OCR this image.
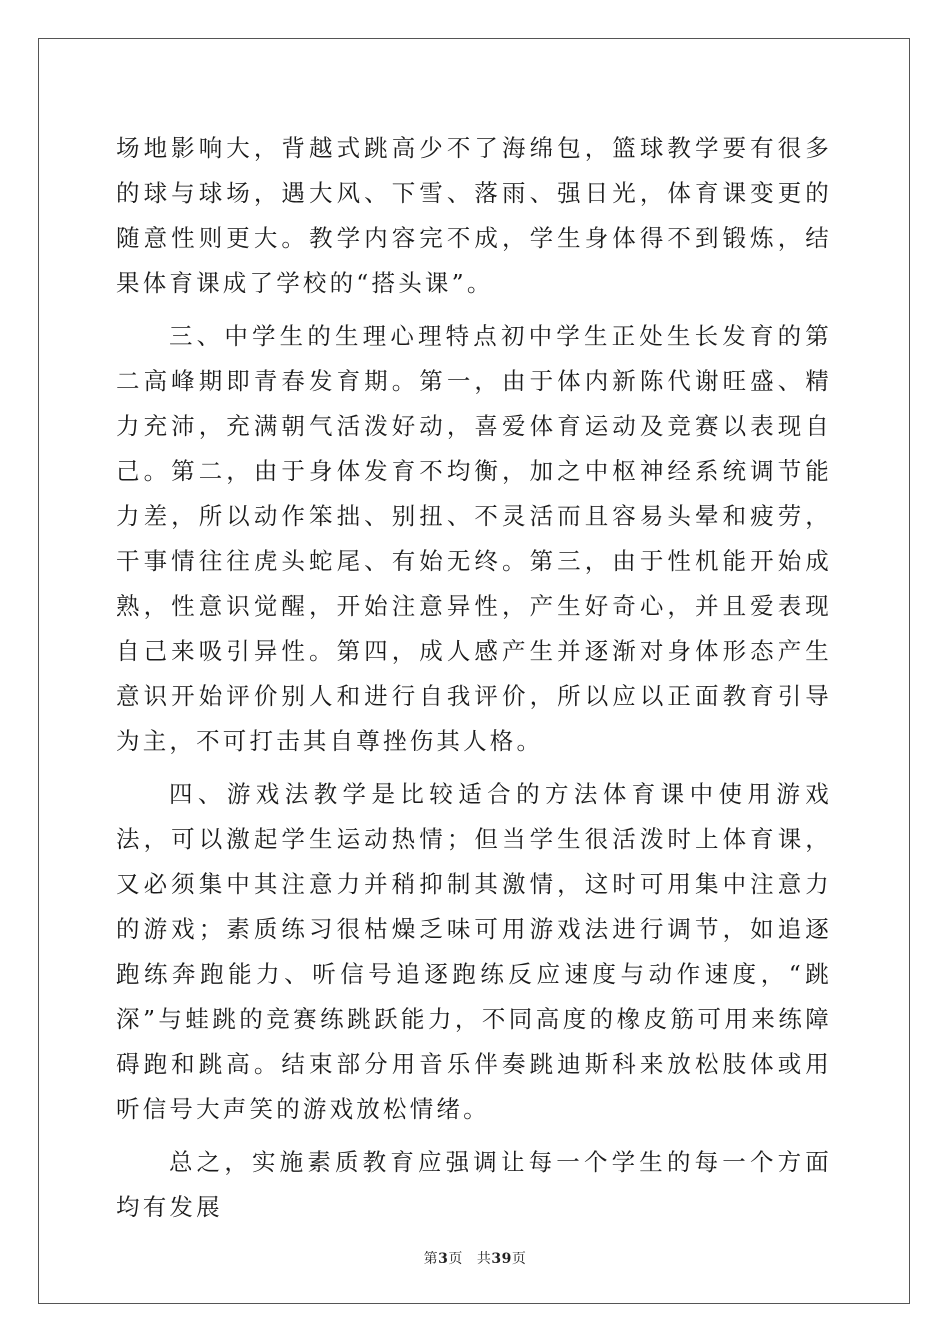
场地影响大，背越式跳高少不了海绵包，篮球教学要有很多的球与球场，遇大风、下雪、落雨、强日光，体育课变更的随意性则更大。教学内容完不成，学生身体得不到锻炼，结果体育课成了学校的“搭头课”。

三、中学生的生理心理特点初中学生正处生长发育的第二高峰期即青春发育期。第一，由于体内新陈代谢旺盛、精力充沛，充满朝气活泼好动，喜爱体育运动及竞赛以表现自己。第二，由于身体发育不均衡，加之中枢神经系统调节能力差，所以动作笨拙、别扭、不灵活而且容易头晕和疲劳，干事情往往虎头蛇尾、有始无终。第三，由于性机能开始成熟，性意识觉醒，开始注意异性，产生好奇心，并且爱表现自己来吸引异性。第四，成人感产生并逐渐对身体形态产生意识开始评价别人和进行自我评价，所以应以正面教育引导为主，不可打击其自尊挫伤其人格。

四、游戏法教学是比较适合的方法体育课中使用游戏法，可以激起学生运动热情；但当学生很活泼时上体育课，又必须集中其注意力并稍抑制其激情，这时可用集中注意力的游戏；素质练习很枯燥乏味可用游戏法进行调节，如追逐跑练奔跑能力、听信号追逐跑练反应速度与动作速度，“跳深”与蛙跳的竞赛练跳跃能力，不同高度的橡皮筋可用来练障碍跑和跳高。结束部分用音乐伴奏跳迪斯科来放松肢体或用听信号大声笑的游戏放松情绪。

总之，实施素质教育应强调让每一个学生的每一个方面均有发展

第3页 共39页
